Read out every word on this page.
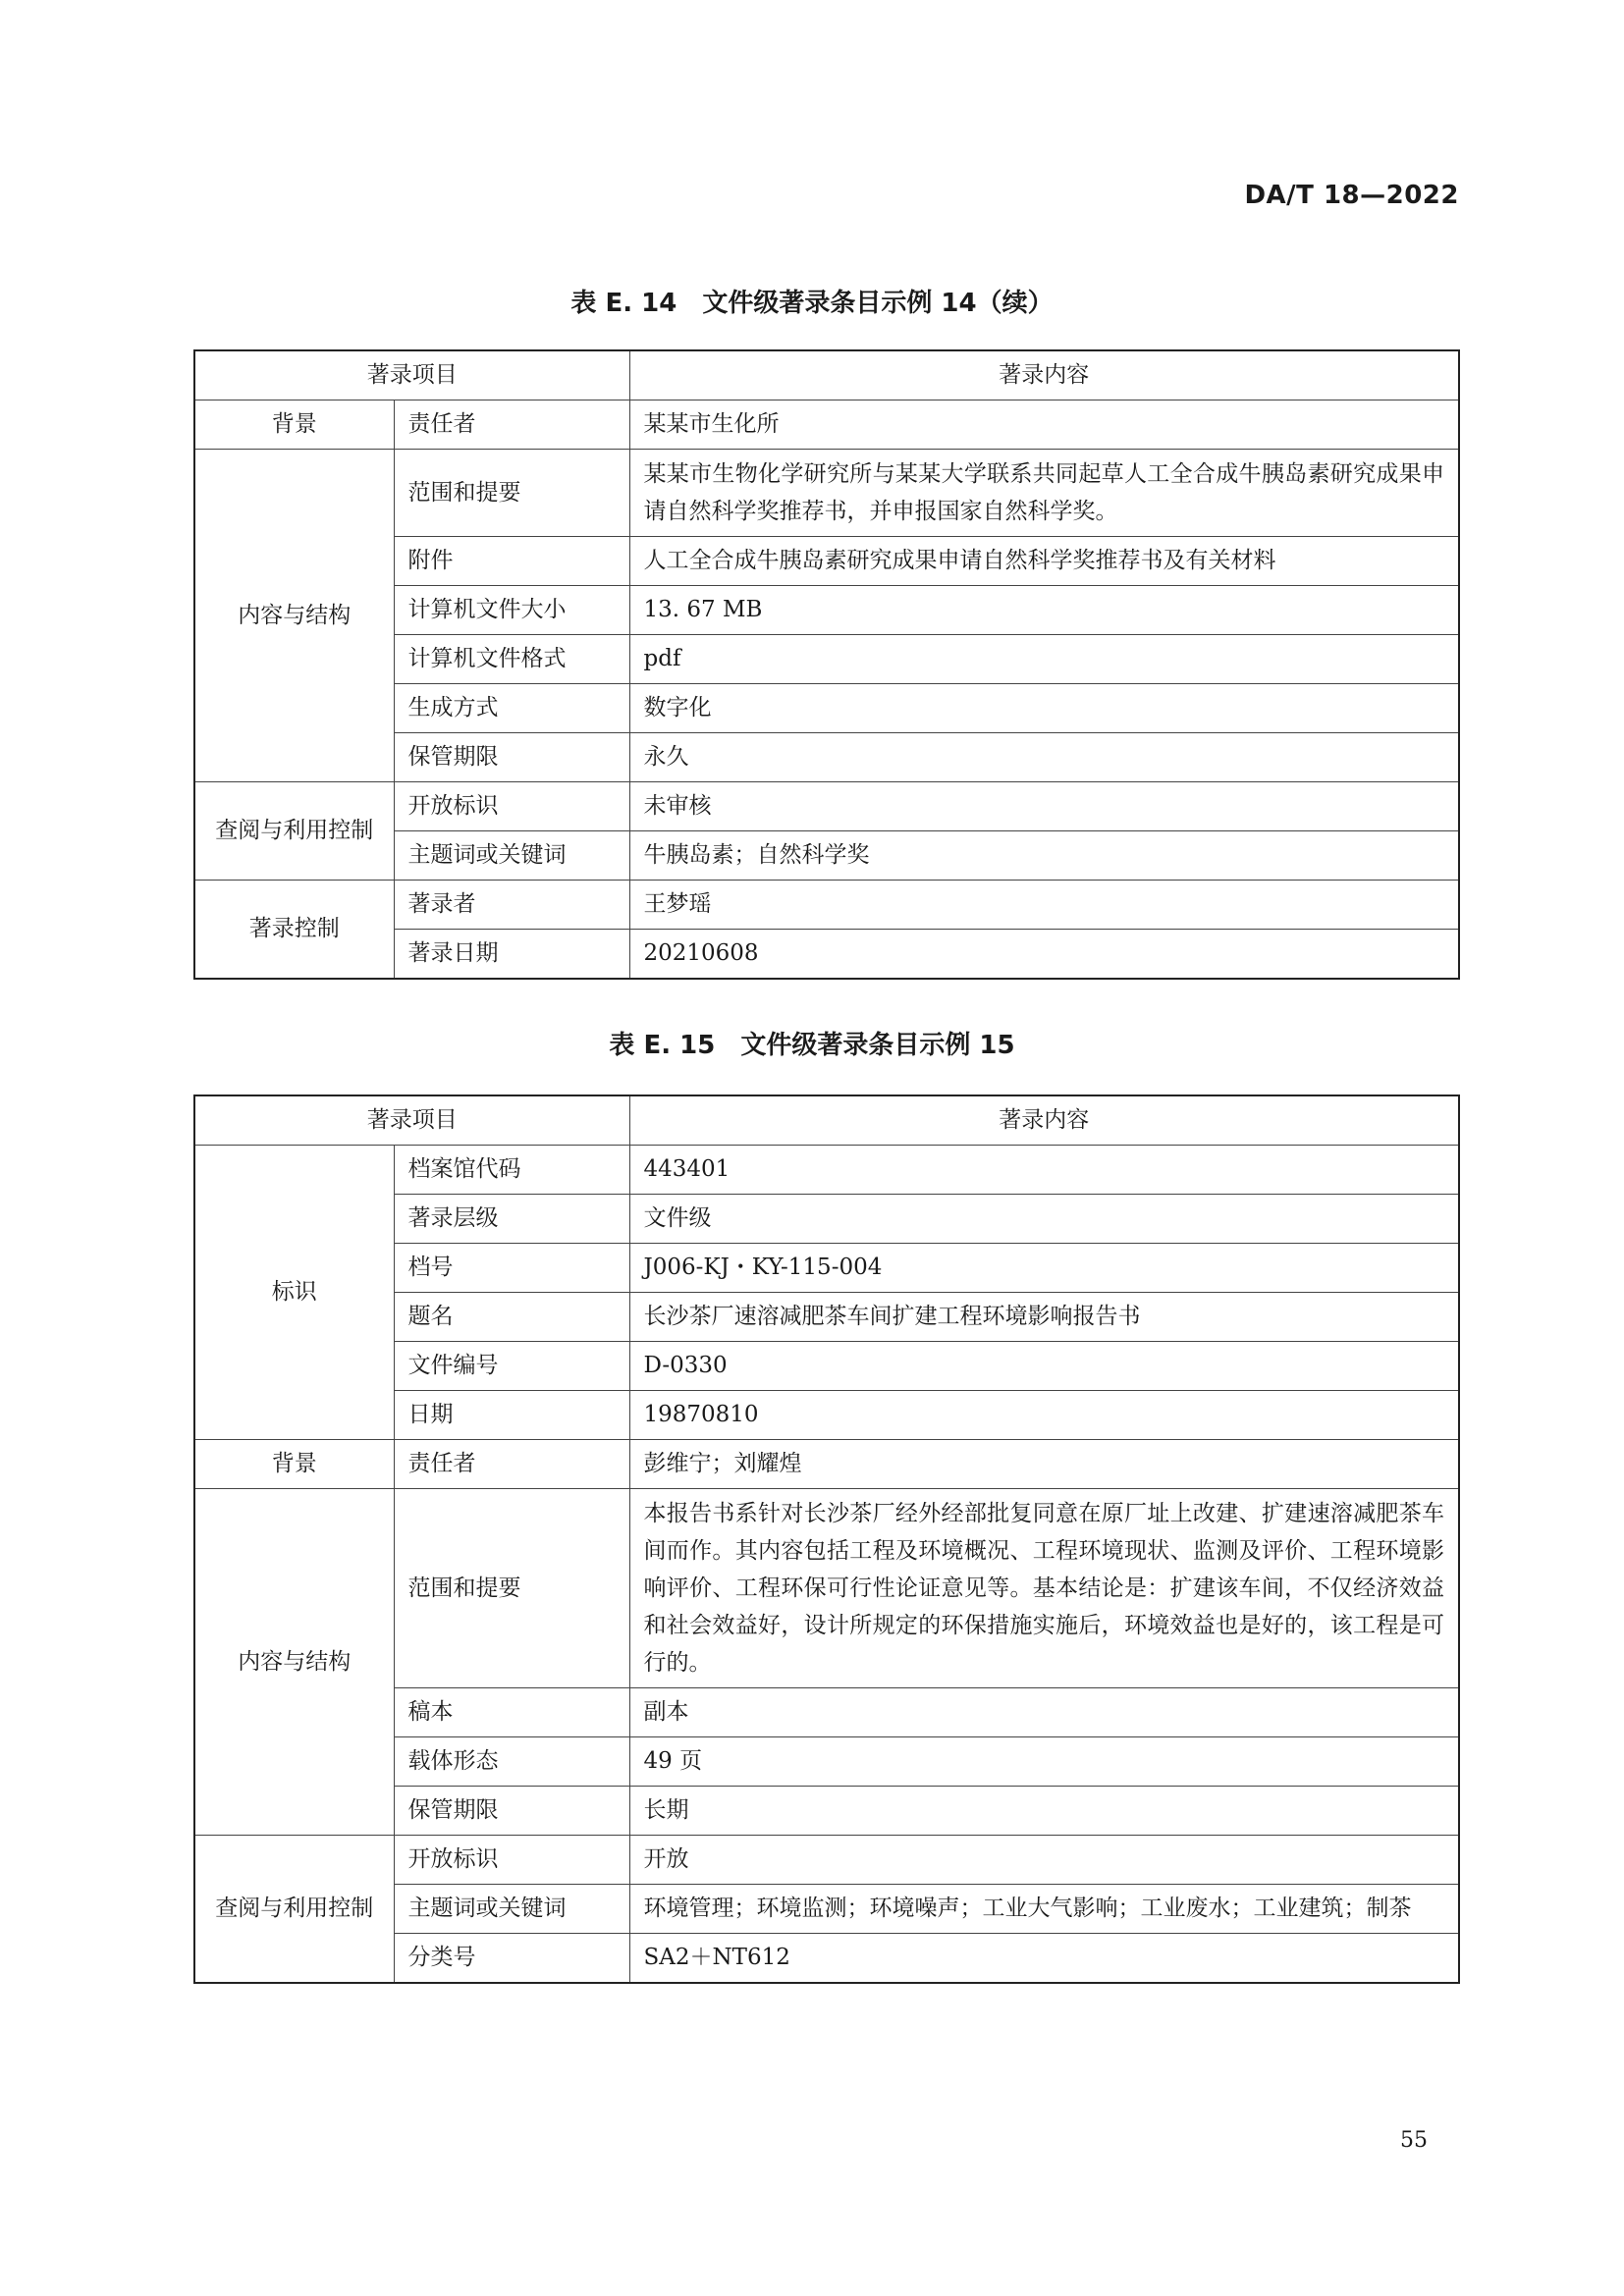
DA/T 18—2022
表 E. 14　文件级著录条目示例 14（续）
著录项目		著录内容
背景	责任者	某某市生化所
内容与结构	范围和提要	某某市生物化学研究所与某某大学联系共同起草人工全合成牛胰岛素研究成果申请自然科学奖推荐书，并申报国家自然科学奖。
	附件	人工全合成牛胰岛素研究成果申请自然科学奖推荐书及有关材料
	计算机文件大小	13. 67 MB
	计算机文件格式	pdf
	生成方式	数字化
	保管期限	永久
查阅与利用控制	开放标识	未审核
	主题词或关键词	牛胰岛素；自然科学奖
著录控制	著录者	王梦瑶
	著录日期	20210608
表 E. 15　文件级著录条目示例 15
著录项目		著录内容
标识	档案馆代码	443401
	著录层级	文件级
	档号	J006-KJ・KY-115-004
	题名	长沙茶厂速溶减肥茶车间扩建工程环境影响报告书
	文件编号	D-0330
	日期	19870810
背景	责任者	彭维宁；刘耀煌
内容与结构	范围和提要	本报告书系针对长沙茶厂经外经部批复同意在原厂址上改建、扩建速溶减肥茶车间而作。其内容包括工程及环境概况、工程环境现状、监测及评价、工程环境影响评价、工程环保可行性论证意见等。基本结论是：扩建该车间，不仅经济效益和社会效益好，设计所规定的环保措施实施后，环境效益也是好的，该工程是可行的。
	稿本	副本
	载体形态	49 页
	保管期限	长期
查阅与利用控制	开放标识	开放
	主题词或关键词	环境管理；环境监测；环境噪声；工业大气影响；工业废水；工业建筑；制茶
	分类号	SA2＋NT612
55
